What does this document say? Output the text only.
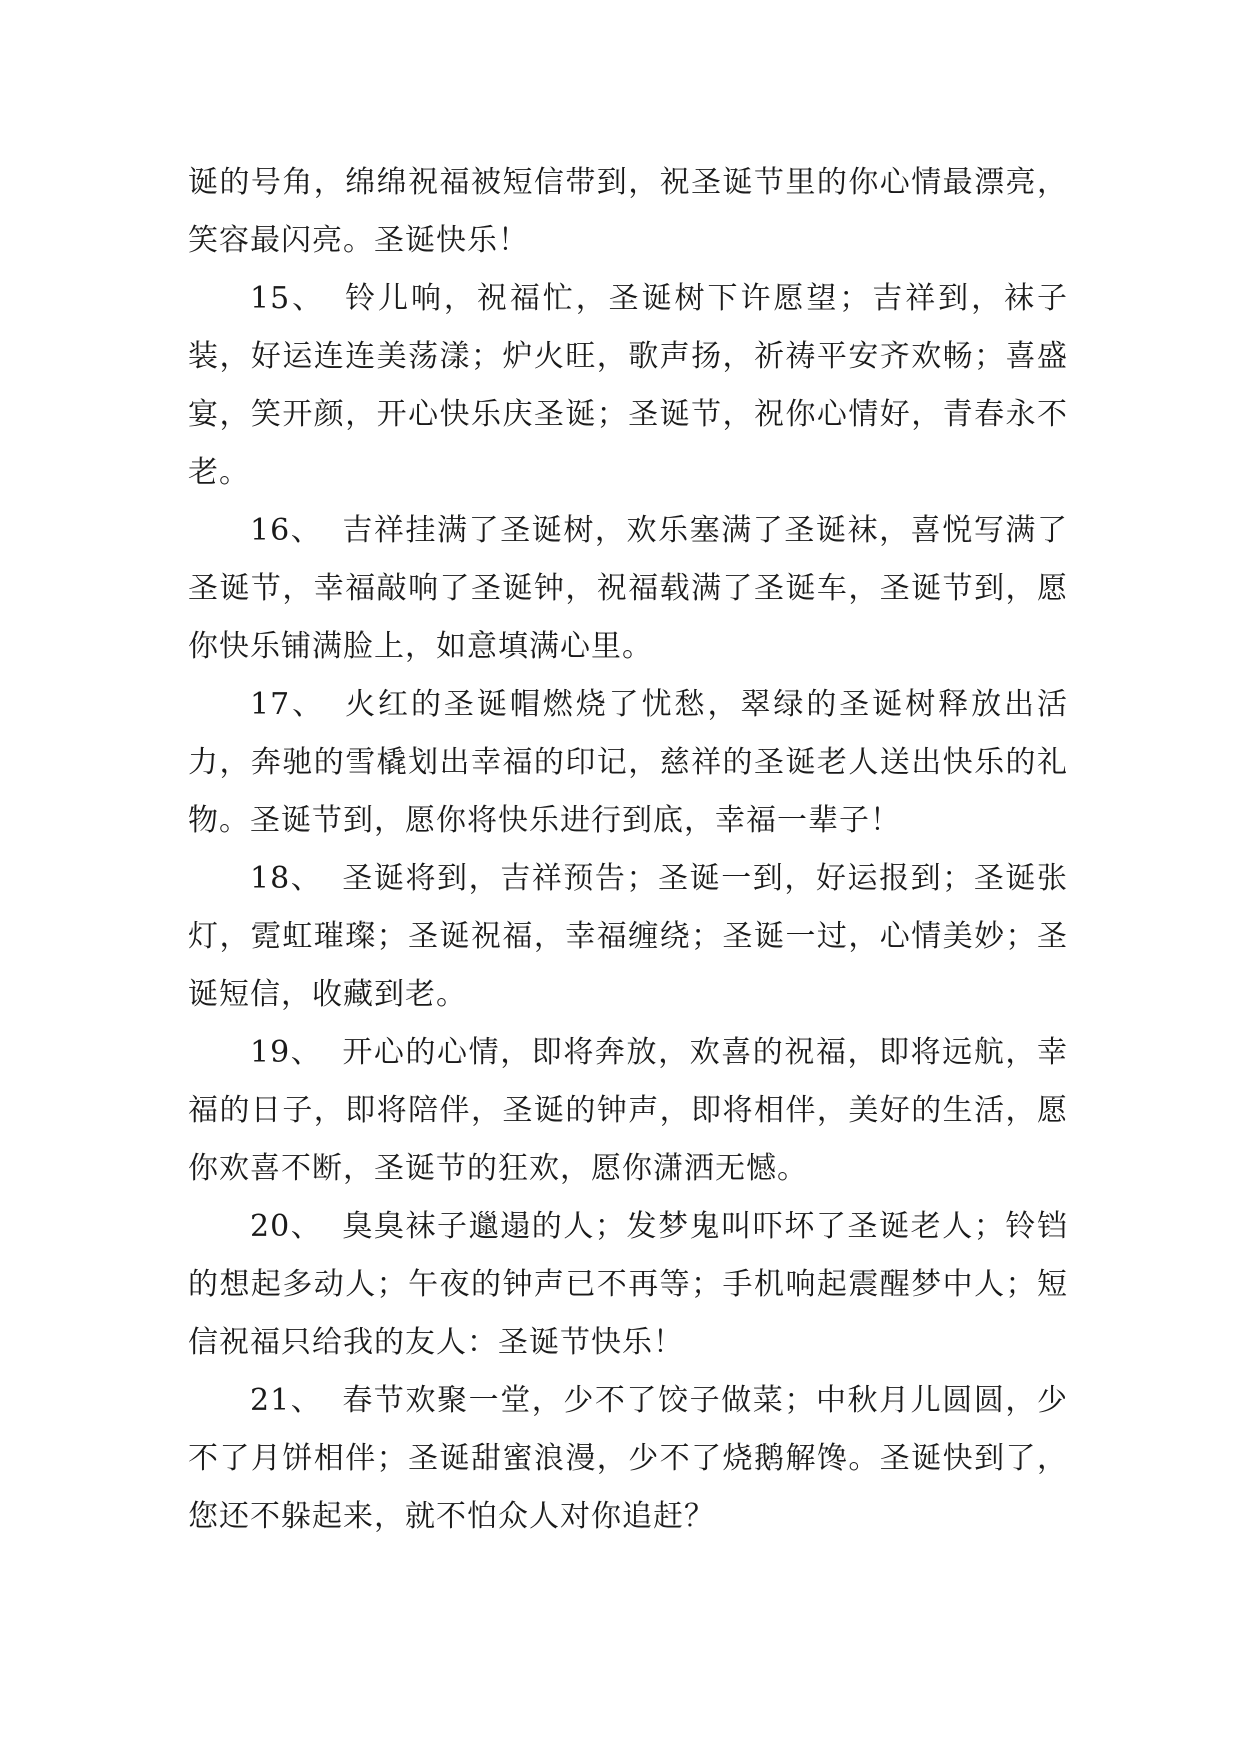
诞的号角，绵绵祝福被短信带到，祝圣诞节里的你心情最漂亮，笑容最闪亮。圣诞快乐！

15、 铃儿响，祝福忙，圣诞树下许愿望；吉祥到，袜子装，好运连连美荡漾；炉火旺，歌声扬，祈祷平安齐欢畅；喜盛宴，笑开颜，开心快乐庆圣诞；圣诞节，祝你心情好，青春永不老。

16、 吉祥挂满了圣诞树，欢乐塞满了圣诞袜，喜悦写满了圣诞节，幸福敲响了圣诞钟，祝福载满了圣诞车，圣诞节到，愿你快乐铺满脸上，如意填满心里。

17、 火红的圣诞帽燃烧了忧愁，翠绿的圣诞树释放出活力，奔驰的雪橇划出幸福的印记，慈祥的圣诞老人送出快乐的礼物。圣诞节到，愿你将快乐进行到底，幸福一辈子！

18、 圣诞将到，吉祥预告；圣诞一到，好运报到；圣诞张灯，霓虹璀璨；圣诞祝福，幸福缠绕；圣诞一过，心情美妙；圣诞短信，收藏到老。

19、 开心的心情，即将奔放，欢喜的祝福，即将远航，幸福的日子，即将陪伴，圣诞的钟声，即将相伴，美好的生活，愿你欢喜不断，圣诞节的狂欢，愿你潇洒无憾。

20、 臭臭袜子邋遢的人；发梦鬼叫吓坏了圣诞老人；铃铛的想起多动人；午夜的钟声已不再等；手机响起震醒梦中人；短信祝福只给我的友人：圣诞节快乐！

21、 春节欢聚一堂，少不了饺子做菜；中秋月儿圆圆，少不了月饼相伴；圣诞甜蜜浪漫，少不了烧鹅解馋。圣诞快到了，您还不躲起来，就不怕众人对你追赶？
